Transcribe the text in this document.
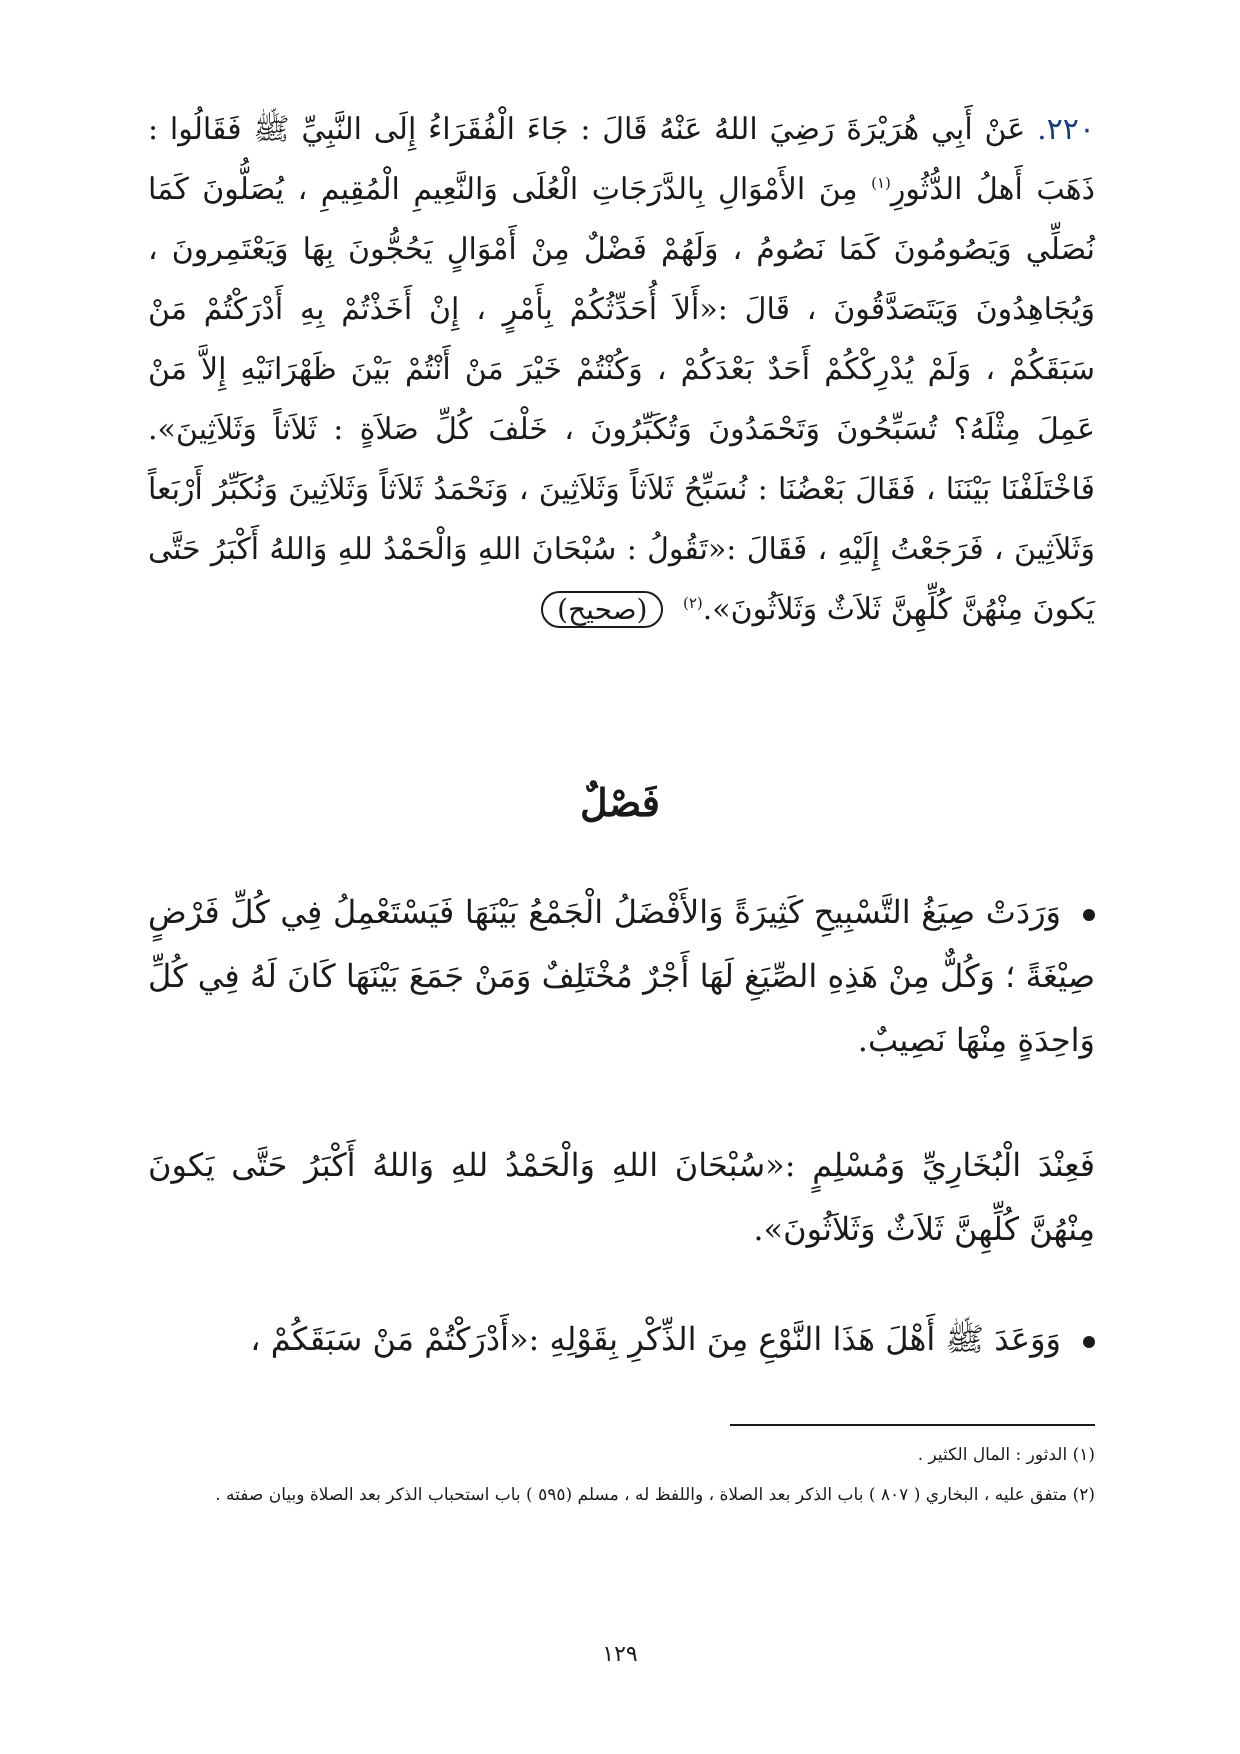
٢٢٠. عَنْ أَبِي هُرَيْرَةَ رَضِيَ اللهُ عَنْهُ قَالَ : جَاءَ الْفُقَرَاءُ إِلَى النَّبِيِّ ﷺ فَقَالُوا : ذَهَبَ أَهلُ الدُّثُورِ$^{(١)}$ مِنَ الأَمْوَالِ بِالدَّرَجَاتِ الْعُلَى وَالنَّعِيمِ الْمُقِيمِ ، يُصَلُّونَ كَمَا نُصَلِّي وَيَصُومُونَ كَمَا نَصُومُ ، وَلَهُمْ فَضْلٌ مِنْ أَمْوَالٍ يَحُجُّونَ بِهَا وَيَعْتَمِرونَ ، وَيُجَاهِدُونَ وَيَتَصَدَّقُونَ ، قَالَ :«أَلاَ أُحَدِّثُكُمْ بِأَمْرٍ ، إِنْ أَخَذْتُمْ بِهِ أَدْرَكْتُمْ مَنْ سَبَقَكُمْ ، وَلَمْ يُدْرِكْكُمْ أَحَدٌ بَعْدَكُمْ ، وَكُنْتُمْ خَيْرَ مَنْ أَنْتُمْ بَيْنَ ظَهْرَانَيْهِ إِلاَّ مَنْ عَمِلَ مِثْلَهُ؟ تُسَبِّحُونَ وَتَحْمَدُونَ وَتُكَبِّرُونَ ، خَلْفَ كُلِّ صَلاَةٍ : ثَلاَثاً وَثَلاَثِينَ». فَاخْتَلَفْنَا بَيْنَنَا ، فَقَالَ بَعْضُنَا : نُسَبِّحُ ثَلاَثاً وَثَلاَثِينَ ، وَنَحْمَدُ ثَلاَثاً وَثَلاَثِينَ وَنُكَبِّرُ أَرْبَعاً وَثَلاَثِينَ ، فَرَجَعْتُ إِلَيْهِ ، فَقَالَ :«تَقُولُ : سُبْحَانَ اللهِ وَالْحَمْدُ للهِ وَاللهُ أَكْبَرُ حَتَّى يَكونَ مِنْهُنَّ كُلِّهِنَّ ثَلاَثٌ وَثَلاَثُونَ».$^{(٢)}$ (صحيح)
فَصْلٌ
وَرَدَتْ صِيَغُ التَّسْبِيحِ كَثِيرَةً وَالأَفْضَلُ الْجَمْعُ بَيْنَهَا فَيَسْتَعْمِلُ فِي كُلِّ فَرْضٍ صِيْغَةً ؛ وَكُلٌّ مِنْ هَذِهِ الصِّيَغِ لَهَا أَجْرٌ مُخْتَلِفٌ وَمَنْ جَمَعَ بَيْنَهَا كَانَ لَهُ فِي كُلِّ وَاحِدَةٍ مِنْهَا نَصِيبٌ.
فَعِنْدَ الْبُخَارِيِّ وَمُسْلِمٍ :«سُبْحَانَ اللهِ وَالْحَمْدُ للهِ وَاللهُ أَكْبَرُ حَتَّى يَكونَ مِنْهُنَّ كُلِّهِنَّ ثَلاَثٌ وَثَلاَثُونَ».
وَوَعَدَ ﷺ أَهْلَ هَذَا النَّوْعِ مِنَ الذِّكْرِ بِقَوْلِهِ :«أَدْرَكْتُمْ مَنْ سَبَقَكُمْ ،

(١) الدثور : المال الكثير .

(٢) متفق عليه ، البخاري ( ٨٠٧ ) باب الذكر بعد الصلاة ، واللفظ له ، مسلم (٥٩٥ ) باب استحباب الذكر بعد الصلاة وبيان صفته .

١٢٩
